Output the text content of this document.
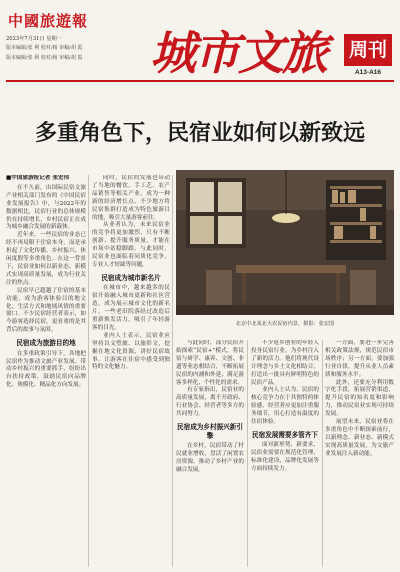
中國旅遊報
2023年7月31日 星期一
版本编辑/张 利 校对/杨 审稿/胡 霞
版本编辑/张 利 校对/杨 审稿/胡 霞	城市文旅 周刊
A13-A16
多重角色下，民宿业如何以新致远

■中国旅游报记者 张宏伟

在不久前，由国际民宿文旅产业相关部门发布的《中国民宿业发展报告》中，与2022年的数据相比，民宿行业的总体规模仍在持续增长，乡村民宿正在成为城乡融合发展的新载体。

近年来，一些民宿的业态已经不再局限于住宿本身，而是承担起了文化传播、乡村振兴、休闲度假等多重角色。在这一背景下，民宿业如何以新业态、新模式实现高质量发展，成为行业关注的焦点。

民宿早已超越了住宿的基本功能，成为游客体验目的地文化、生活方式和地域风情的重要窗口。不少民宿经营者表示，如今游客选择民宿，更看重的是其背后的故事与氛围。

民宿成为旅游目的地

在多重政策引导下，各地把民宿作为推动文旅产业发展、带动乡村振兴的重要抓手，纷纷出台扶持政策，鼓励民宿向品牌化、规模化、精品化方向发展。

同时，民宿的发展也带动了当地的餐饮、手工艺、农产品销售等相关产业，成为一种新的经济增长点。不少地方将民宿集群打造成为特色旅游目的地，吸引大量游客前往。

从业者认为，未来民宿业的竞争将更加激烈，只有不断创新、提升服务质量，才能在市场中站稳脚跟。与此同时，民宿业也面临着同质化竞争、专业人才短缺等问题。

民宿成为城市新名片

在城市中，越来越多的民宿开始融入城市更新和社区营造，成为展示城市文化的新名片。一些老旧院落经过改造后重新焕发活力，吸引了年轻游客的目光。

业内人士表示，民宿业应坚持以文塑旅、以旅彰文，挖掘在地文化资源，讲好民宿故事，让游客在住宿中感受到独特的文化魅力。

北京中北某北大农民宿内景，摄影：张宏国

与此同时，部分民宿开始探索“民宿+”模式，将民宿与研学、康养、文创、非遗等业态相结合，不断拓展民宿的内涵和外延，满足游客多样化、个性化的需求。

有专家指出，民宿业的高质量发展，离不开政府、行业协会、经营者等多方的共同努力。

民宿成为乡村振兴新引擎

在乡村，民宿带动了村民就业增收，盘活了闲置农房资源，推动了乡村产业的融合发展。

不少返乡创业的年轻人投身民宿行业，为乡村注入了新的活力。他们将现代设计理念与乡土文化相结合，打造出一批具有鲜明特色的民宿产品。

业内人士认为，民宿的核心竞争力在于其独特的体验感，经营者应更加注重服务细节，用心打造有温度的住宿体验。

民宿发展需要多管齐下

面对新形势、新要求，民宿业需要在规范化管理、标准化建设、品牌化发展等方面持续发力。

一方面，要进一步完善相关政策法规，规范民宿市场秩序；另一方面，要加强行业自律，提升从业人员素质和服务水平。

此外，还要充分利用数字化手段，拓展营销渠道，提升民宿的知名度和影响力，推动民宿业实现可持续发展。

展望未来，民宿业将在多重角色中不断探索前行，以新理念、新业态、新模式实现高质量发展，为文旅产业发展注入新动能。
